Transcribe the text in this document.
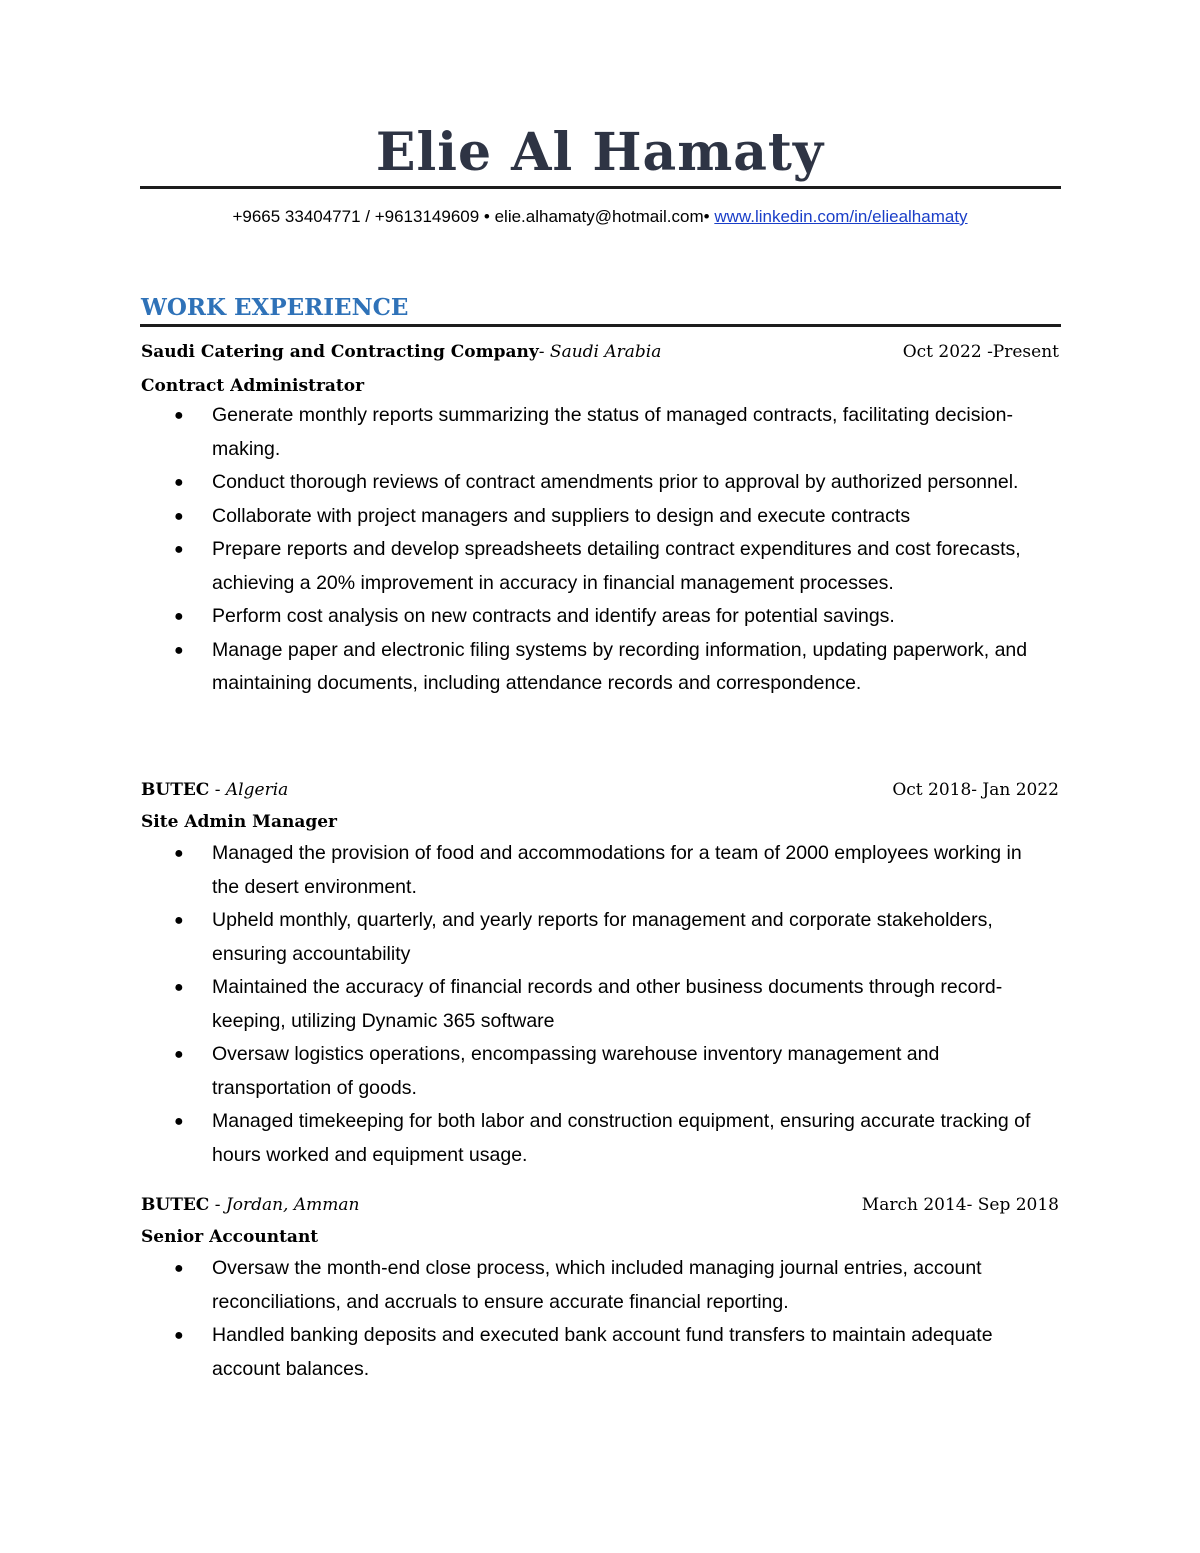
Elie Al Hamaty
+9665 33404771 / +9613149609 • elie.alhamaty@hotmail.com• www.linkedin.com/in/eliealhamaty
WORK EXPERIENCE
Saudi Catering and Contracting Company- Saudi Arabia	Oct 2022 -Present
Contract Administrator
● Generate monthly reports summarizing the status of managed contracts, facilitating decision-making.
● Conduct thorough reviews of contract amendments prior to approval by authorized personnel.
● Collaborate with project managers and suppliers to design and execute contracts
● Prepare reports and develop spreadsheets detailing contract expenditures and cost forecasts, achieving a 20% improvement in accuracy in financial management processes.
● Perform cost analysis on new contracts and identify areas for potential savings.
● Manage paper and electronic filing systems by recording information, updating paperwork, and maintaining documents, including attendance records and correspondence.
BUTEC - Algeria	Oct 2018- Jan 2022
Site Admin Manager
● Managed the provision of food and accommodations for a team of 2000 employees working in the desert environment.
● Upheld monthly, quarterly, and yearly reports for management and corporate stakeholders, ensuring accountability
● Maintained the accuracy of financial records and other business documents through record-keeping, utilizing Dynamic 365 software
● Oversaw logistics operations, encompassing warehouse inventory management and transportation of goods.
● Managed timekeeping for both labor and construction equipment, ensuring accurate tracking of hours worked and equipment usage.
BUTEC - Jordan, Amman	March 2014- Sep 2018
Senior Accountant
● Oversaw the month-end close process, which included managing journal entries, account reconciliations, and accruals to ensure accurate financial reporting.
● Handled banking deposits and executed bank account fund transfers to maintain adequate account balances.
